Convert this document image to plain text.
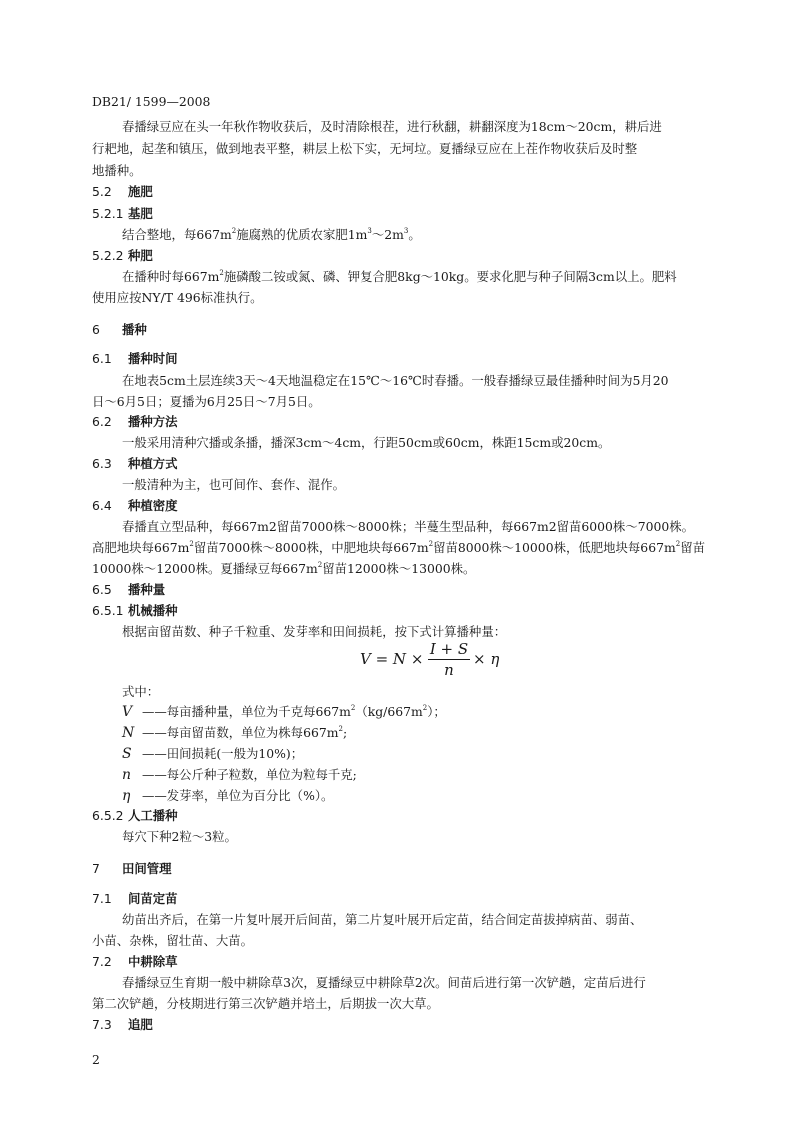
DB21/ 1599—2008
春播绿豆应在头一年秋作物收获后，及时清除根茬，进行秋翻，耕翻深度为18cm～20cm，耕后进
行耙地，起垄和镇压，做到地表平整，耕层上松下实，无坷垃。夏播绿豆应在上茬作物收获后及时整
地播种。
5.2 施肥
5.2.1 基肥
结合整地，每$667m^2$施腐熟的优质农家肥$1m^3\sim 2m^3$。
5.2.2 种肥
在播种时每$667m^2$施磷酸二铵或氮、磷、钾复合肥8kg～10kg。要求化肥与种子间隔3cm以上。肥料
使用应按NY/T 496标准执行。
6 播种
6.1 播种时间
在地表5cm土层连续3天～4天地温稳定在15℃～16℃时春播。一般春播绿豆最佳播种时间为5月20
日～6月5日；夏播为6月25日～7月5日。
6.2 播种方法
一般采用清种穴播或条播，播深3cm～4cm，行距50cm或60cm，株距15cm或20cm。
6.3 种植方式
一般清种为主，也可间作、套作、混作。
6.4 种植密度
春播直立型品种，每667m2留苗7000株～8000株；半蔓生型品种，每667m2留苗6000株～7000株。
高肥地块每$667m^2$留苗7000株～8000株，中肥地块每$667m^2$留苗8000株～10000株，低肥地块每$667m^2$留苗
10000株～12000株。夏播绿豆每$667m^2$留苗12000株～13000株。
6.5 播种量
6.5.1 机械播种
根据亩留苗数、种子千粒重、发芽率和田间损耗，按下式计算播种量：
V = N ×
I + S
n
× η
式中：
V ——每亩播种量，单位为千克每$667m^2(kg/667m^2)$；
N ——每亩留苗数，单位为株每$667m^2$;
S ——田间损耗(一般为10%)；
n ——每公斤种子粒数，单位为粒每千克;
η ——发芽率，单位为百分比（%）。
6.5.2 人工播种
每穴下种2粒～3粒。
7 田间管理
7.1 间苗定苗
幼苗出齐后，在第一片复叶展开后间苗，第二片复叶展开后定苗，结合间定苗拔掉病苗、弱苗、
小苗、杂株，留壮苗、大苗。
7.2 中耕除草
春播绿豆生育期一般中耕除草3次，夏播绿豆中耕除草2次。间苗后进行第一次铲趟，定苗后进行
第二次铲趟，分枝期进行第三次铲趟并培土，后期拔一次大草。
7.3 追肥
2
